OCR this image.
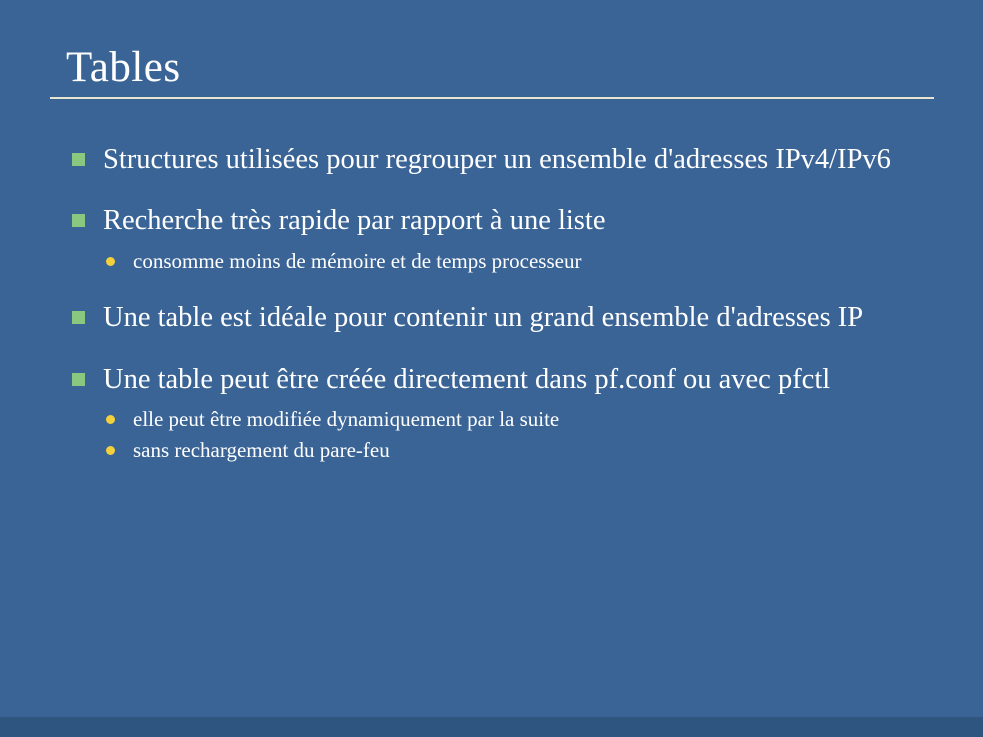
Tables

Structures utilisées pour regrouper un ensemble d'adresses IPv4/IPv6

Recherche très rapide par rapport à une liste

consomme moins de mémoire et de temps processeur

Une table est idéale pour contenir un grand ensemble d'adresses IP

Une table peut être créée directement dans pf.conf ou avec pfctl

elle peut être modifiée dynamiquement par la suite

sans rechargement du pare-feu
